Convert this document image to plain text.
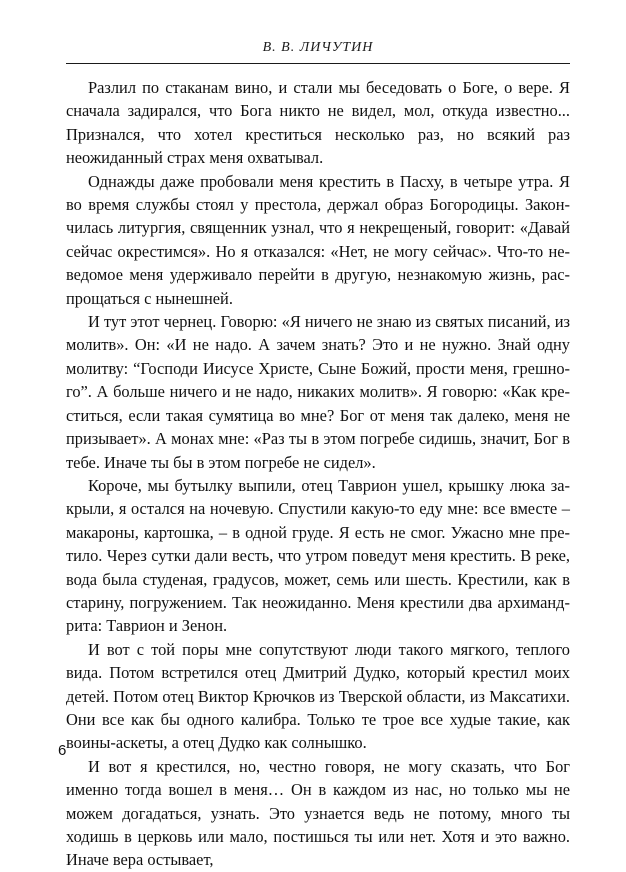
В. В. ЛИЧУТИН

Разлил по стаканам вино, и стали мы беседовать о Боге, о вере. Я сначала задирался, что Бога никто не видел, мол, откуда известно... Признался, что хотел креститься несколько раз, но всякий раз неожиданный страх меня охватывал.

Однажды даже пробовали меня крестить в Пасху, в четыре утра. Я во время службы стоял у престола, держал образ Богородицы. Закончилась литургия, священник узнал, что я некрещеный, говорит: «Давай сейчас окрестимся». Но я отказался: «Нет, не могу сейчас». Что-то неведомое меня удерживало перейти в другую, незнакомую жизнь, распрощаться с нынешней.

И тут этот чернец. Говорю: «Я ничего не знаю из святых писаний, из молитв». Он: «И не надо. А зачем знать? Это и не нужно. Знай одну молитву: “Господи Иисусе Христе, Сыне Божий, прости меня, грешного”. А больше ничего и не надо, никаких молитв». Я говорю: «Как креститься, если такая сумятица во мне? Бог от меня так далеко, меня не призывает». А монах мне: «Раз ты в этом погребе сидишь, значит, Бог в тебе. Иначе ты бы в этом погребе не сидел».

Короче, мы бутылку выпили, отец Таврион ушел, крышку люка закрыли, я остался на ночевую. Спустили какую-то еду мне: все вместе – макароны, картошка, – в одной груде. Я есть не смог. Ужасно мне претило. Через сутки дали весть, что утром поведут меня крестить. В реке, вода была студеная, градусов, может, семь или шесть. Крестили, как в старину, погружением. Так неожиданно. Меня крестили два архимандрита: Таврион и Зенон.

И вот с той поры мне сопутствуют люди такого мягкого, теплого вида. Потом встретился отец Дмитрий Дудко, который крестил моих детей. Потом отец Виктор Крючков из Тверской области, из Максатихи. Они все как бы одного калибра. Только те трое все худые такие, как воины-аскеты, а отец Дудко как солнышко.

И вот я крестился, но, честно говоря, не могу сказать, что Бог именно тогда вошел в меня… Он в каждом из нас, но только мы не можем догадаться, узнать. Это узнается ведь не потому, много ты ходишь в церковь или мало, постишься ты или нет. Хотя и это важно. Иначе вера остывает,

6
